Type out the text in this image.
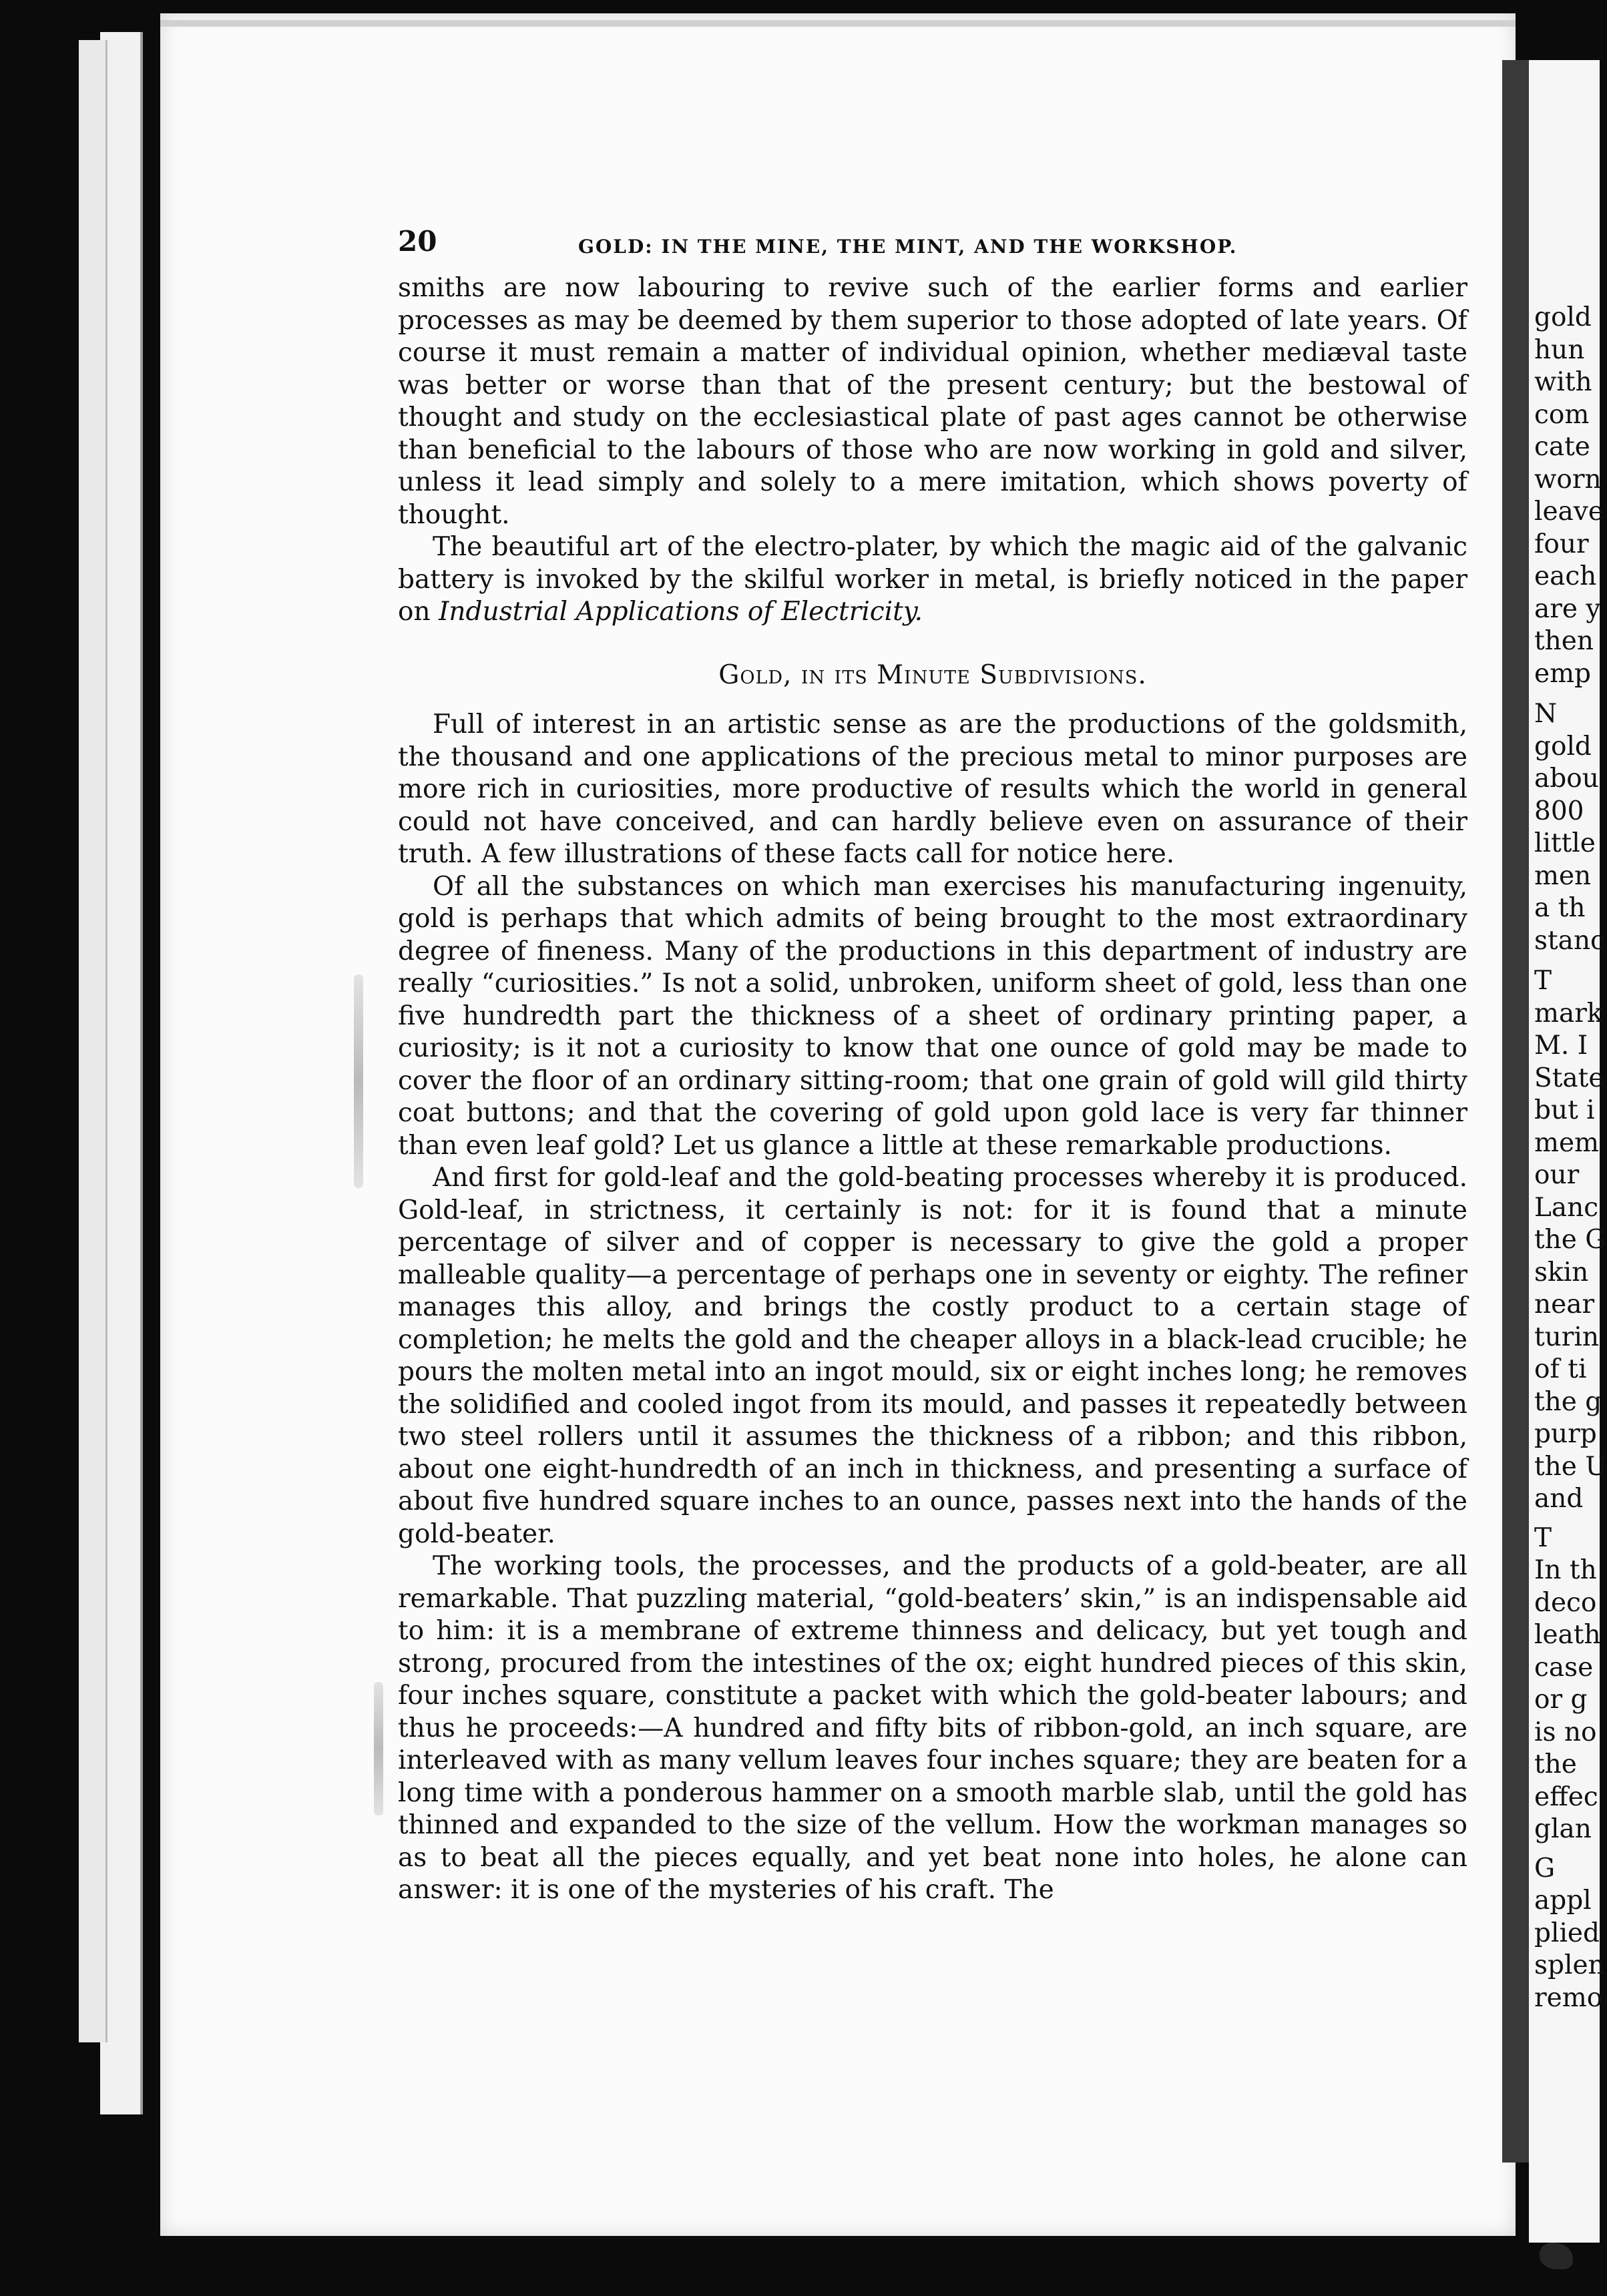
gold
hun
with
com
cate
worn
leave
four
each
are y
then
emp
N
gold
abou
800
little
men
a th
stanc
T
mark
M. I
State
but i
mem
our
Lanc
the G
skin
near
turin
of ti
the g
purp
the U
and
T
In th
deco
leath
case
or g
is no
the
effec
glan
G
appl
plied
splen
remo
20	GOLD: IN THE MINE, THE MINT, AND THE WORKSHOP.

smiths are now labouring to revive such of the earlier forms and earlier processes as may be deemed by them superior to those adopted of late years. Of course it must remain a matter of individual opinion, whether mediæval taste was better or worse than that of the present century; but the bestowal of thought and study on the ecclesiastical plate of past ages cannot be otherwise than beneficial to the labours of those who are now working in gold and silver, unless it lead simply and solely to a mere imitation, which shows poverty of thought.

The beautiful art of the electro-plater, by which the magic aid of the galvanic battery is invoked by the skilful worker in metal, is briefly noticed in the paper on Industrial Applications of Electricity.

Gold, in its Minute Subdivisions.

Full of interest in an artistic sense as are the productions of the goldsmith, the thousand and one applications of the precious metal to minor purposes are more rich in curiosities, more productive of results which the world in general could not have conceived, and can hardly believe even on assurance of their truth. A few illustrations of these facts call for notice here.

Of all the substances on which man exercises his manufacturing ingenuity, gold is perhaps that which admits of being brought to the most extraordinary degree of fineness. Many of the productions in this department of industry are really “curiosities.” Is not a solid, unbroken, uniform sheet of gold, less than one five hundredth part the thickness of a sheet of ordinary printing paper, a curiosity; is it not a curiosity to know that one ounce of gold may be made to cover the floor of an ordinary sitting-room; that one grain of gold will gild thirty coat buttons; and that the covering of gold upon gold lace is very far thinner than even leaf gold? Let us glance a little at these remarkable productions.

And first for gold-leaf and the gold-beating processes whereby it is produced. Gold-leaf, in strictness, it certainly is not: for it is found that a minute percentage of silver and of copper is necessary to give the gold a proper malleable quality—a percentage of perhaps one in seventy or eighty. The refiner manages this alloy, and brings the costly product to a certain stage of completion; he melts the gold and the cheaper alloys in a black-lead crucible; he pours the molten metal into an ingot mould, six or eight inches long; he removes the solidified and cooled ingot from its mould, and passes it repeatedly between two steel rollers until it assumes the thickness of a ribbon; and this ribbon, about one eight-hundredth of an inch in thickness, and presenting a surface of about five hundred square inches to an ounce, passes next into the hands of the gold-beater.

The working tools, the processes, and the products of a gold-beater, are all remarkable. That puzzling material, “gold-beaters’ skin,” is an indispensable aid to him: it is a membrane of extreme thinness and delicacy, but yet tough and strong, procured from the intestines of the ox; eight hundred pieces of this skin, four inches square, constitute a packet with which the gold-beater labours; and thus he proceeds:—A hundred and fifty bits of ribbon-gold, an inch square, are interleaved with as many vellum leaves four inches square; they are beaten for a long time with a ponderous hammer on a smooth marble slab, until the gold has thinned and expanded to the size of the vellum. How the workman manages so as to beat all the pieces equally, and yet beat none into holes, he alone can answer: it is one of the mysteries of his craft. The
